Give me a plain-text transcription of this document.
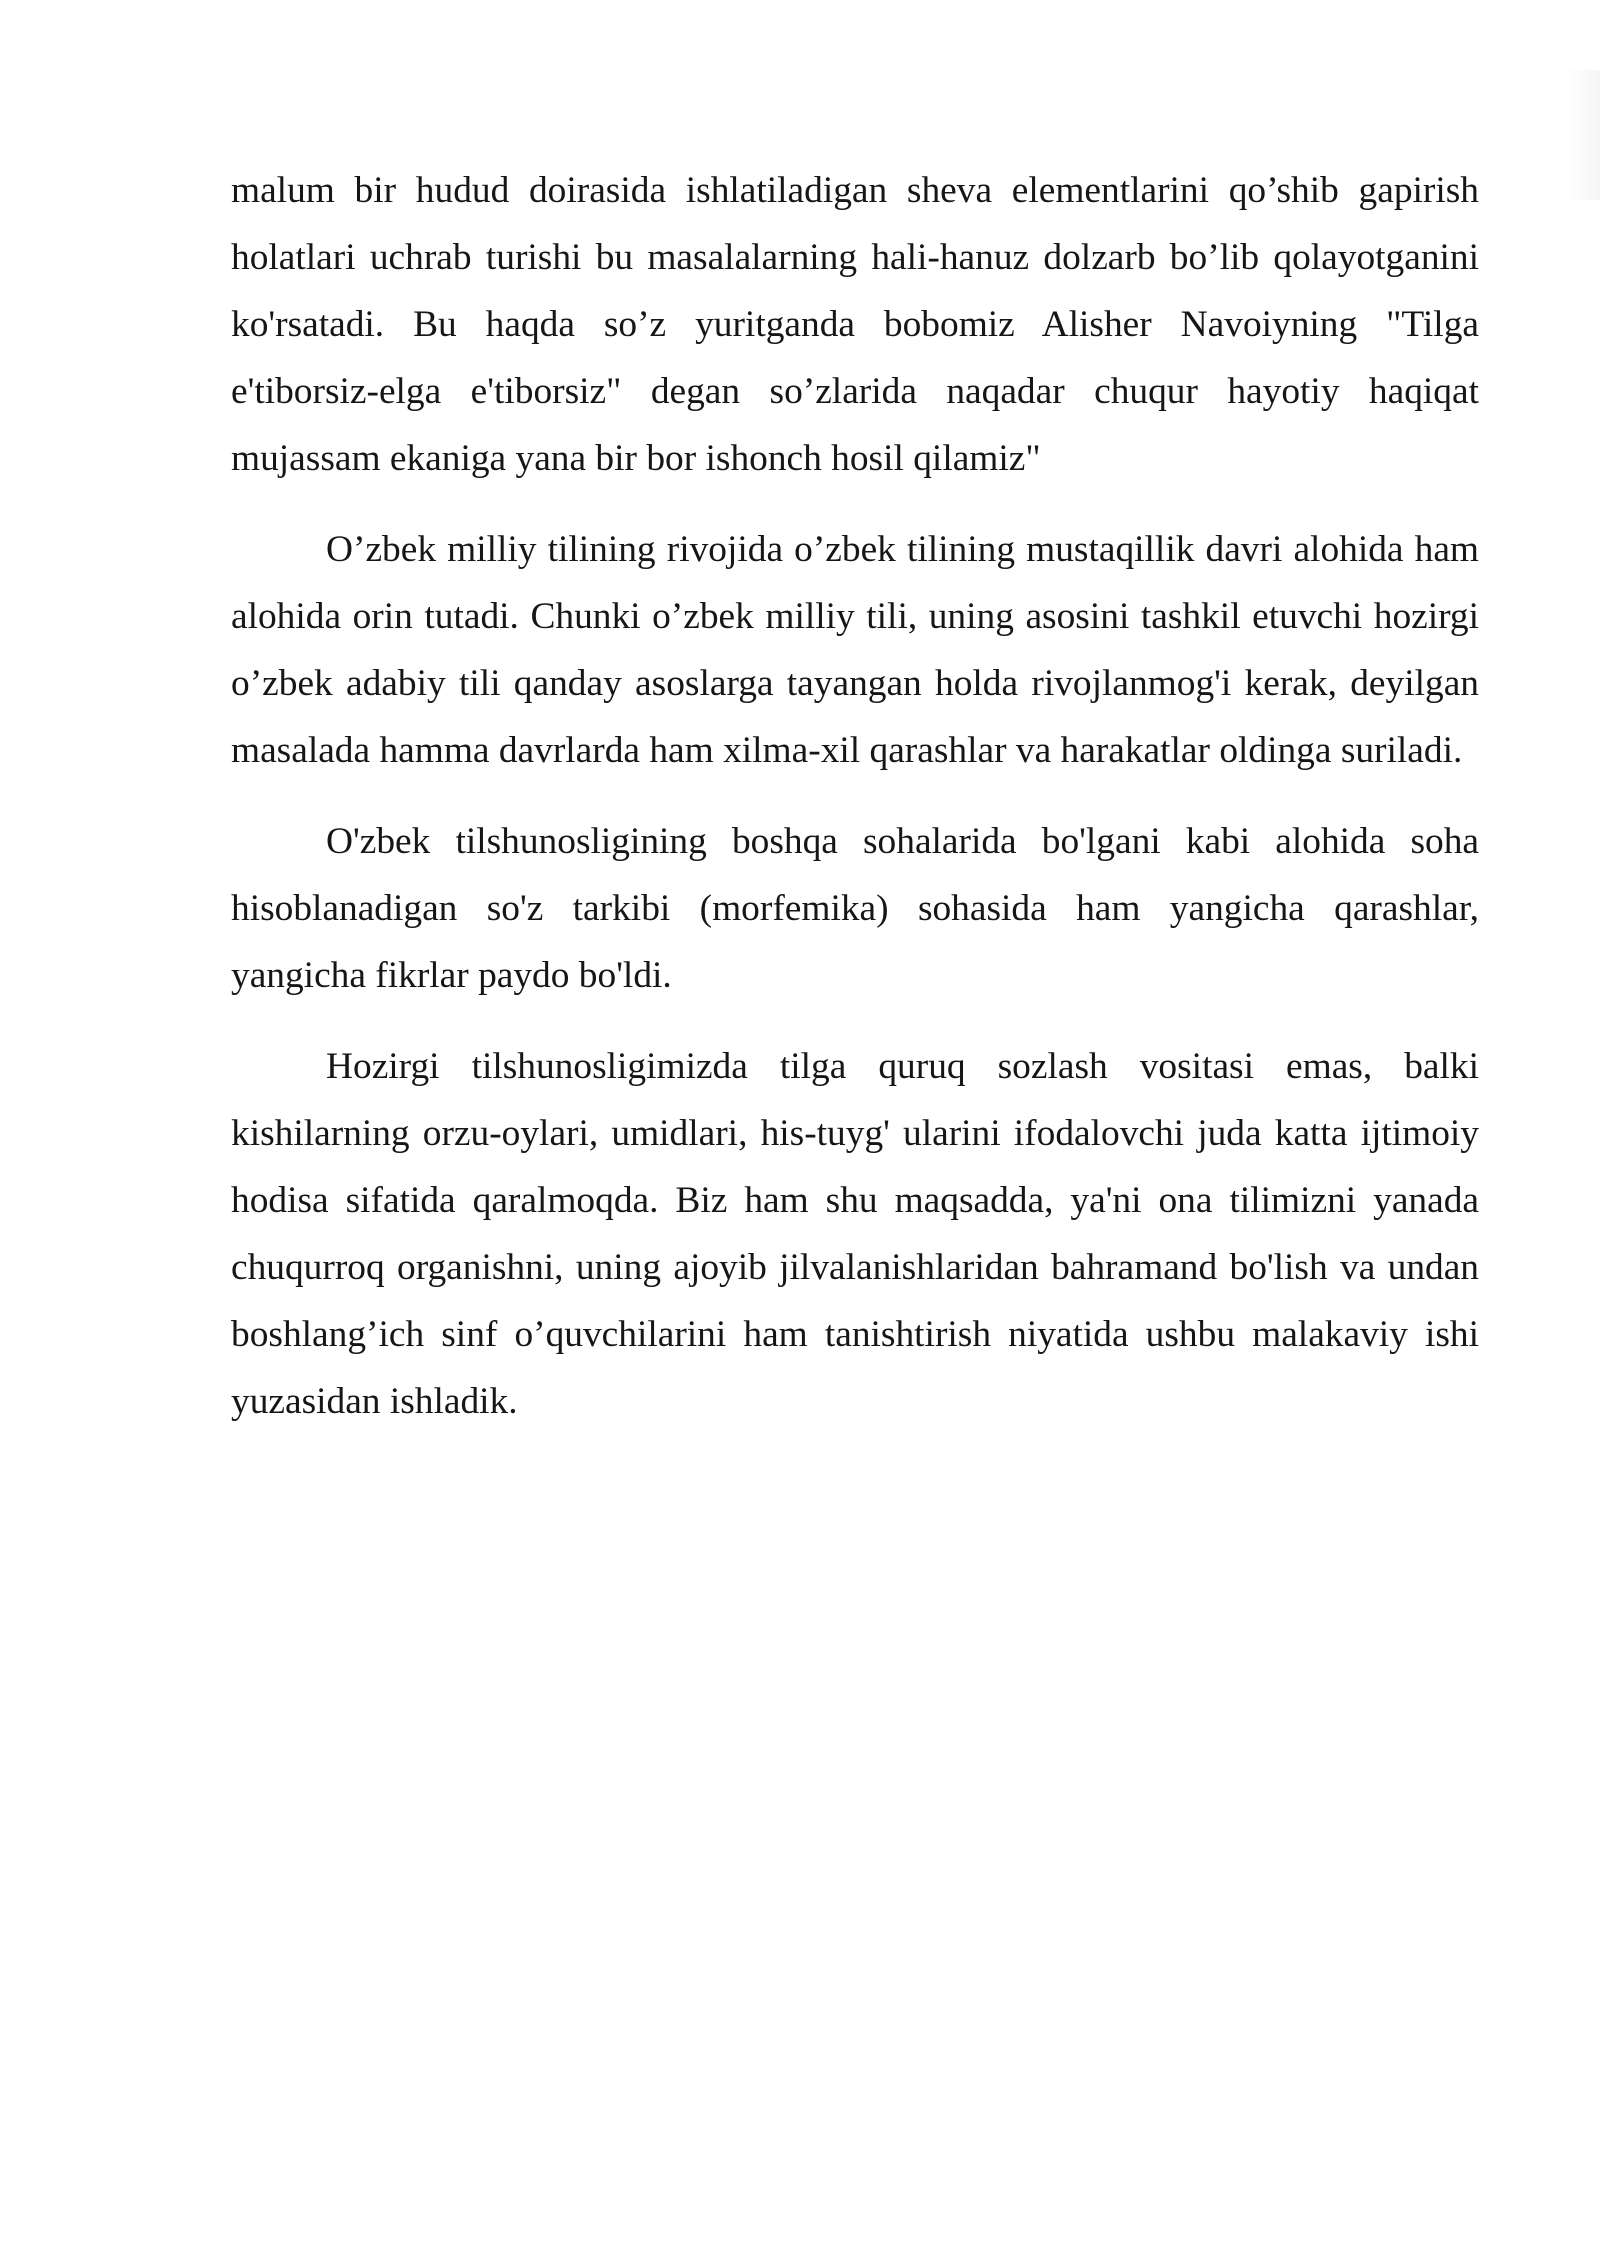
malum bir hudud doirasida ishlatiladigan sheva elementlarini qo’shib gapirish
holatlari uchrab turishi bu masalalarning hali-hanuz dolzarb bo’lib qolayotganini
ko'rsatadi. Bu haqda so’z yuritganda bobomiz Alisher Navoiyning "Tilga
e'tiborsiz-elga e'tiborsiz" degan so’zlarida naqadar chuqur hayotiy haqiqat
mujassam ekaniga yana bir bor ishonch hosil qilamiz"
O’zbek milliy tilining rivojida o’zbek tilining mustaqillik davri alohida ham
alohida orin tutadi. Chunki o’zbek milliy tili, uning asosini tashkil etuvchi hozirgi
o’zbek adabiy tili qanday asoslarga tayangan holda rivojlanmog'i kerak, deyilgan
masalada hamma davrlarda ham xilma-xil qarashlar va harakatlar oldinga suriladi.
O'zbek tilshunosligining boshqa sohalarida bo'lgani kabi alohida soha
hisoblanadigan so'z tarkibi (morfemika) sohasida ham yangicha qarashlar,
yangicha fikrlar paydo bo'ldi.
Hozirgi tilshunosligimizda tilga quruq sozlash vositasi emas, balki
kishilarning orzu-oylari, umidlari, his-tuyg' ularini ifodalovchi juda katta ijtimoiy
hodisa sifatida qaralmoqda. Biz ham shu maqsadda, ya'ni ona tilimizni yanada
chuqurroq organishni, uning ajoyib jilvalanishlaridan bahramand bo'lish va undan
boshlang’ich sinf o’quvchilarini ham tanishtirish niyatida ushbu malakaviy ishi
yuzasidan ishladik.
